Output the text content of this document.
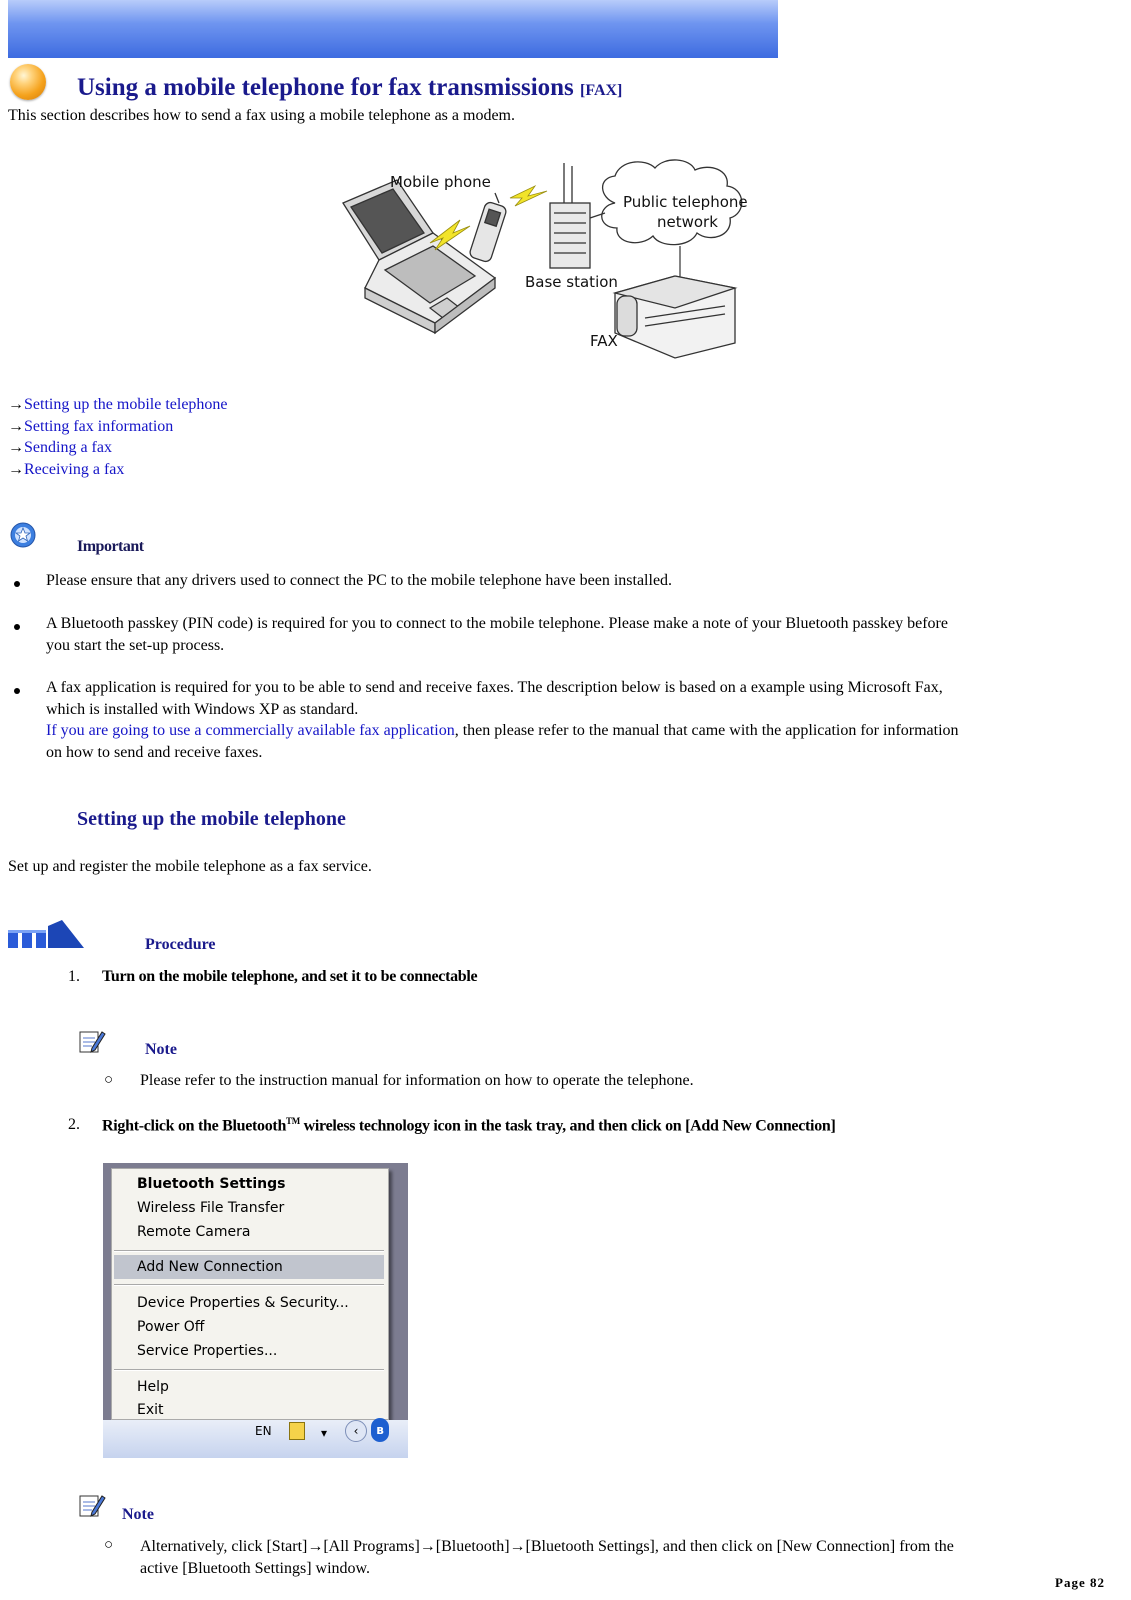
Using a mobile telephone for fax transmissions [FAX]
This section describes how to send a fax using a mobile telephone as a modem.
Mobile phone
Public telephone
network
Base station
FAX
→Setting up the mobile telephone
→Setting fax information
→Sending a fax
→Receiving a fax
Important
Please ensure that any drivers used to connect the PC to the mobile telephone have been installed.
A Bluetooth passkey (PIN code) is required for you to connect to the mobile telephone. Please make a note of your Bluetooth passkey before
you start the set-up process.
A fax application is required for you to be able to send and receive faxes. The description below is based on a example using Microsoft Fax,
which is installed with Windows XP as standard.
If you are going to use a commercially available fax application, then please refer to the manual that came with the application for information
on how to send and receive faxes.
Setting up the mobile telephone
Set up and register the mobile telephone as a fax service.
Procedure
1. Turn on the mobile telephone, and set it to be connectable
Note
○ Please refer to the instruction manual for information on how to operate the telephone.
2. Right-click on the Bluetooth™ wireless technology icon in the task tray, and then click on [Add New Connection]
Bluetooth Settings
Wireless File Transfer
Remote Camera
Add New Connection
Device Properties & Security...
Power Off
Service Properties...
Help
Exit
EN	▾	‹	ʙ
Note
○ Alternatively, click [Start]→[All Programs]→[Bluetooth]→[Bluetooth Settings], and then click on [New Connection] from the
active [Bluetooth Settings] window.
Page 82
